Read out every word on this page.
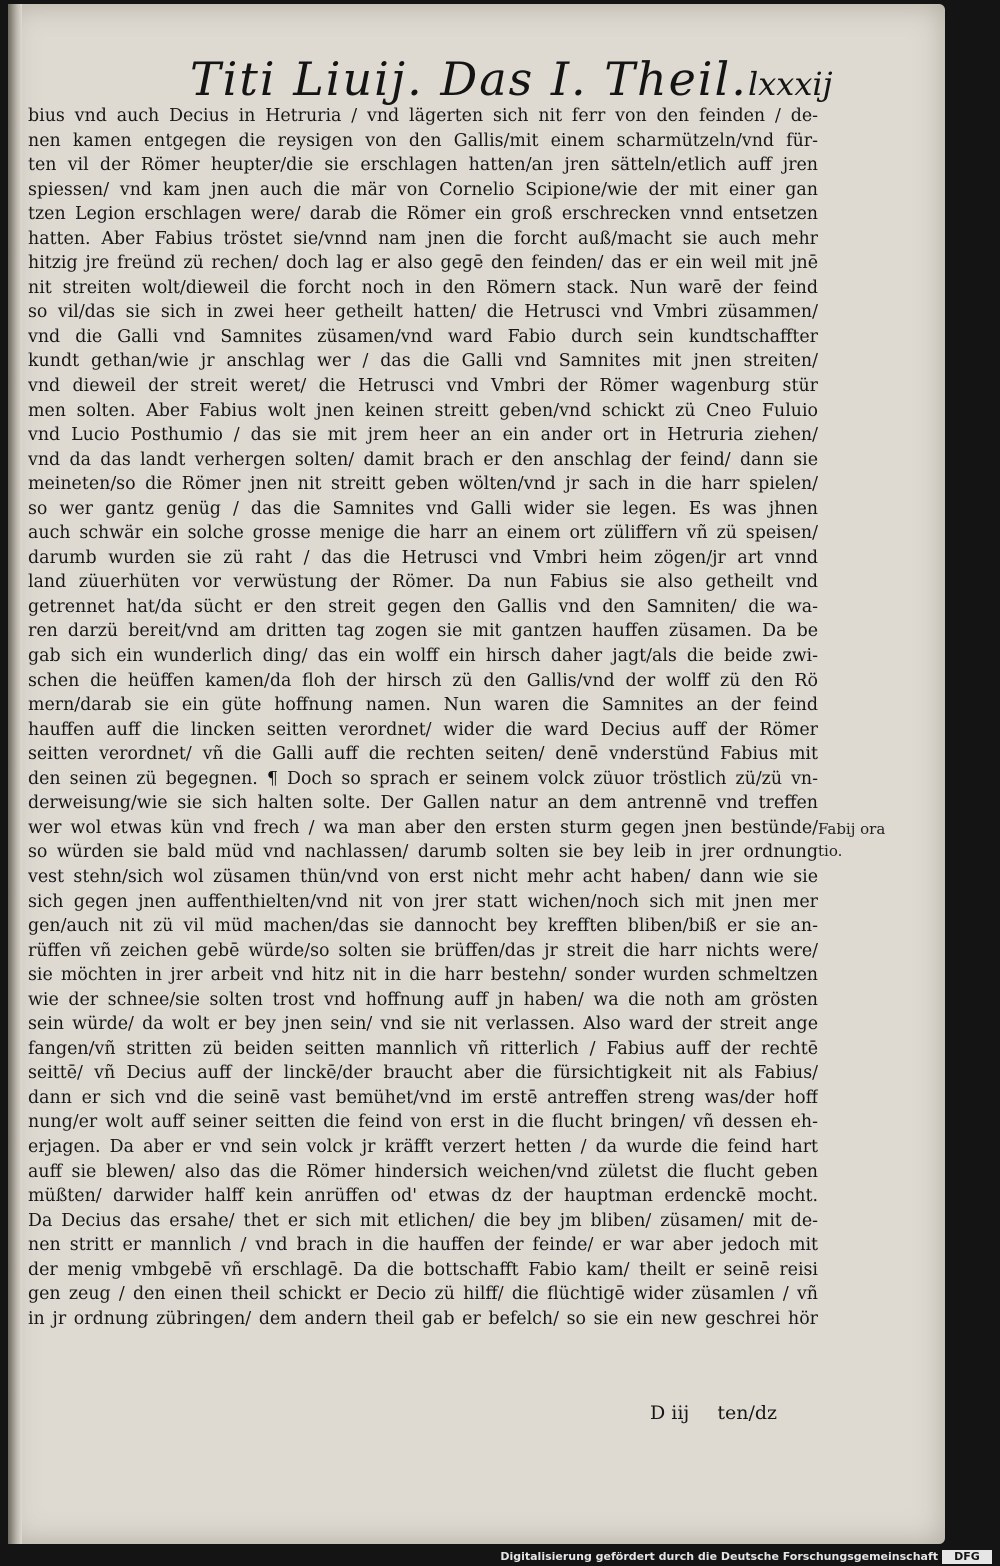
Titi Liuij. Das I. Theil. lxxxij
bius vnd auch Decius in Hetruria / vnd lägerten sich nit ferr von den feinden / de-
nen kamen entgegen die reysigen von den Gallis/mit einem scharmützeln/vnd für-
ten vil der Römer heupter/die sie erschlagen hatten/an jren sätteln/etlich auff jren
spiessen/ vnd kam jnen auch die mär von Cornelio Scipione/wie der mit einer gan
tzen Legion erschlagen were/ darab die Römer ein groß erschrecken vnnd entsetzen
hatten. Aber Fabius tröstet sie/vnnd nam jnen die forcht auß/macht sie auch mehr
hitzig jre freünd zü rechen/ doch lag er also gegē den feinden/ das er ein weil mit jnē
nit streiten wolt/dieweil die forcht noch in den Römern stack. Nun warē der feind
so vil/das sie sich in zwei heer getheilt hatten/ die Hetrusci vnd Vmbri züsammen/
vnd die Galli vnd Samnites züsamen/vnd ward Fabio durch sein kundtschaffter
kundt gethan/wie jr anschlag wer / das die Galli vnd Samnites mit jnen streiten/
vnd dieweil der streit weret/ die Hetrusci vnd Vmbri der Römer wagenburg stür
men solten. Aber Fabius wolt jnen keinen streitt geben/vnd schickt zü Cneo Fuluio
vnd Lucio Posthumio / das sie mit jrem heer an ein ander ort in Hetruria ziehen/
vnd da das landt verhergen solten/ damit brach er den anschlag der feind/ dann sie
meineten/so die Römer jnen nit streitt geben wölten/vnd jr sach in die harr spielen/
so wer gantz genüg / das die Samnites vnd Galli wider sie legen. Es was jhnen
auch schwär ein solche grosse menige die harr an einem ort züliffern vñ zü speisen/
darumb wurden sie zü raht / das die Hetrusci vnd Vmbri heim zögen/jr art vnnd
land züuerhüten vor verwüstung der Römer. Da nun Fabius sie also getheilt vnd
getrennet hat/da sücht er den streit gegen den Gallis vnd den Samniten/ die wa-
ren darzü bereit/vnd am dritten tag zogen sie mit gantzen hauffen züsamen. Da be
gab sich ein wunderlich ding/ das ein wolff ein hirsch daher jagt/als die beide zwi-
schen die heüffen kamen/da floh der hirsch zü den Gallis/vnd der wolff zü den Rö
mern/darab sie ein güte hoffnung namen. Nun waren die Samnites an der feind
hauffen auff die lincken seitten verordnet/ wider die ward Decius auff der Römer
seitten verordnet/ vñ die Galli auff die rechten seiten/ denē vnderstünd Fabius mit
den seinen zü begegnen. ¶ Doch so sprach er seinem volck züuor tröstlich zü/zü vn-
derweisung/wie sie sich halten solte. Der Gallen natur an dem antrennē vnd treffen
wer wol etwas kün vnd frech / wa man aber den ersten sturm gegen jnen bestünde/
so würden sie bald müd vnd nachlassen/ darumb solten sie bey leib in jrer ordnung
vest stehn/sich wol züsamen thün/vnd von erst nicht mehr acht haben/ dann wie sie
sich gegen jnen auffenthielten/vnd nit von jrer statt wichen/noch sich mit jnen mer
gen/auch nit zü vil müd machen/das sie dannocht bey krefften bliben/biß er sie an-
rüffen vñ zeichen gebē würde/so solten sie brüffen/das jr streit die harr nichts were/
sie möchten in jrer arbeit vnd hitz nit in die harr bestehn/ sonder wurden schmeltzen
wie der schnee/sie solten trost vnd hoffnung auff jn haben/ wa die noth am grösten
sein würde/ da wolt er bey jnen sein/ vnd sie nit verlassen. Also ward der streit ange
fangen/vñ stritten zü beiden seitten mannlich vñ ritterlich / Fabius auff der rechtē
seittē/ vñ Decius auff der linckē/der braucht aber die fürsichtigkeit nit als Fabius/
dann er sich vnd die seinē vast bemühet/vnd im erstē antreffen streng was/der hoff
nung/er wolt auff seiner seitten die feind von erst in die flucht bringen/ vñ dessen eh-
erjagen. Da aber er vnd sein volck jr kräfft verzert hetten / da wurde die feind hart
auff sie blewen/ also das die Römer hindersich weichen/vnd zületst die flucht geben
müßten/ darwider halff kein anrüffen od' etwas dz der hauptman erdenckē mocht.
Da Decius das ersahe/ thet er sich mit etlichen/ die bey jm bliben/ züsamen/ mit de-
nen stritt er mannlich / vnd brach in die hauffen der feinde/ er war aber jedoch mit
der menig vmbgebē vñ erschlagē. Da die bottschafft Fabio kam/ theilt er seinē reisi
gen zeug / den einen theil schickt er Decio zü hilff/ die flüchtigē wider züsamlen / vñ
in jr ordnung zübringen/ dem andern theil gab er befelch/ so sie ein new geschrei hör
Fabij ora
tio.
D iij ten/dz
Digitalisierung gefördert durch die Deutsche Forschungsgemeinschaft	DFG
